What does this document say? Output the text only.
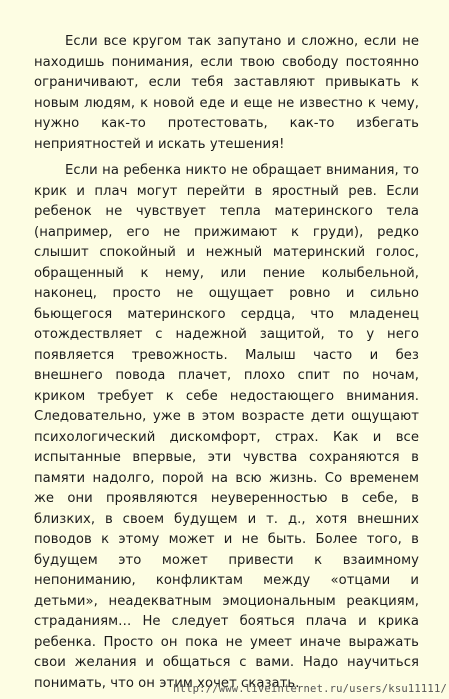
Если все кругом так запутано и сложно, если не находишь понимания, если твою свободу постоянно ограничивают, если тебя заставляют привыкать к новым людям, к новой еде и еще не известно к чему, нужно как-то протестовать, как-то избегать неприятностей и искать утешения!

Если на ребенка никто не обращает внимания, то крик и плач могут перейти в яростный рев. Если ребенок не чувствует тепла материнского тела (например, его не прижимают к груди), редко слышит спокойный и нежный материнский голос, обращенный к нему, или пение колыбельной, наконец, просто не ощущает ровно и сильно бьющегося материнского сердца, что младенец отождествляет с надежной защитой, то у него появляется тревожность. Малыш часто и без внешнего повода плачет, плохо спит по ночам, криком требует к себе недостающего внимания. Следовательно, уже в этом возрасте дети ощущают психологический дискомфорт, страх. Как и все испытанные впервые, эти чувства сохраняются в памяти надолго, порой на всю жизнь. Со временем же они проявляются неуверенностью в себе, в близких, в своем будущем и т. д., хотя внешних поводов к этому может и не быть. Более того, в будущем это может привести к взаимному непониманию, конфликтам между «отцами и детьми», неадекватным эмоциональным реакциям, страданиям… Не следует бояться плача и крика ребенка. Просто он пока не умеет иначе выражать свои желания и общаться с вами. Надо научиться понимать, что он этим хочет сказать.

http://www.liveinternet.ru/users/ksu11111/
